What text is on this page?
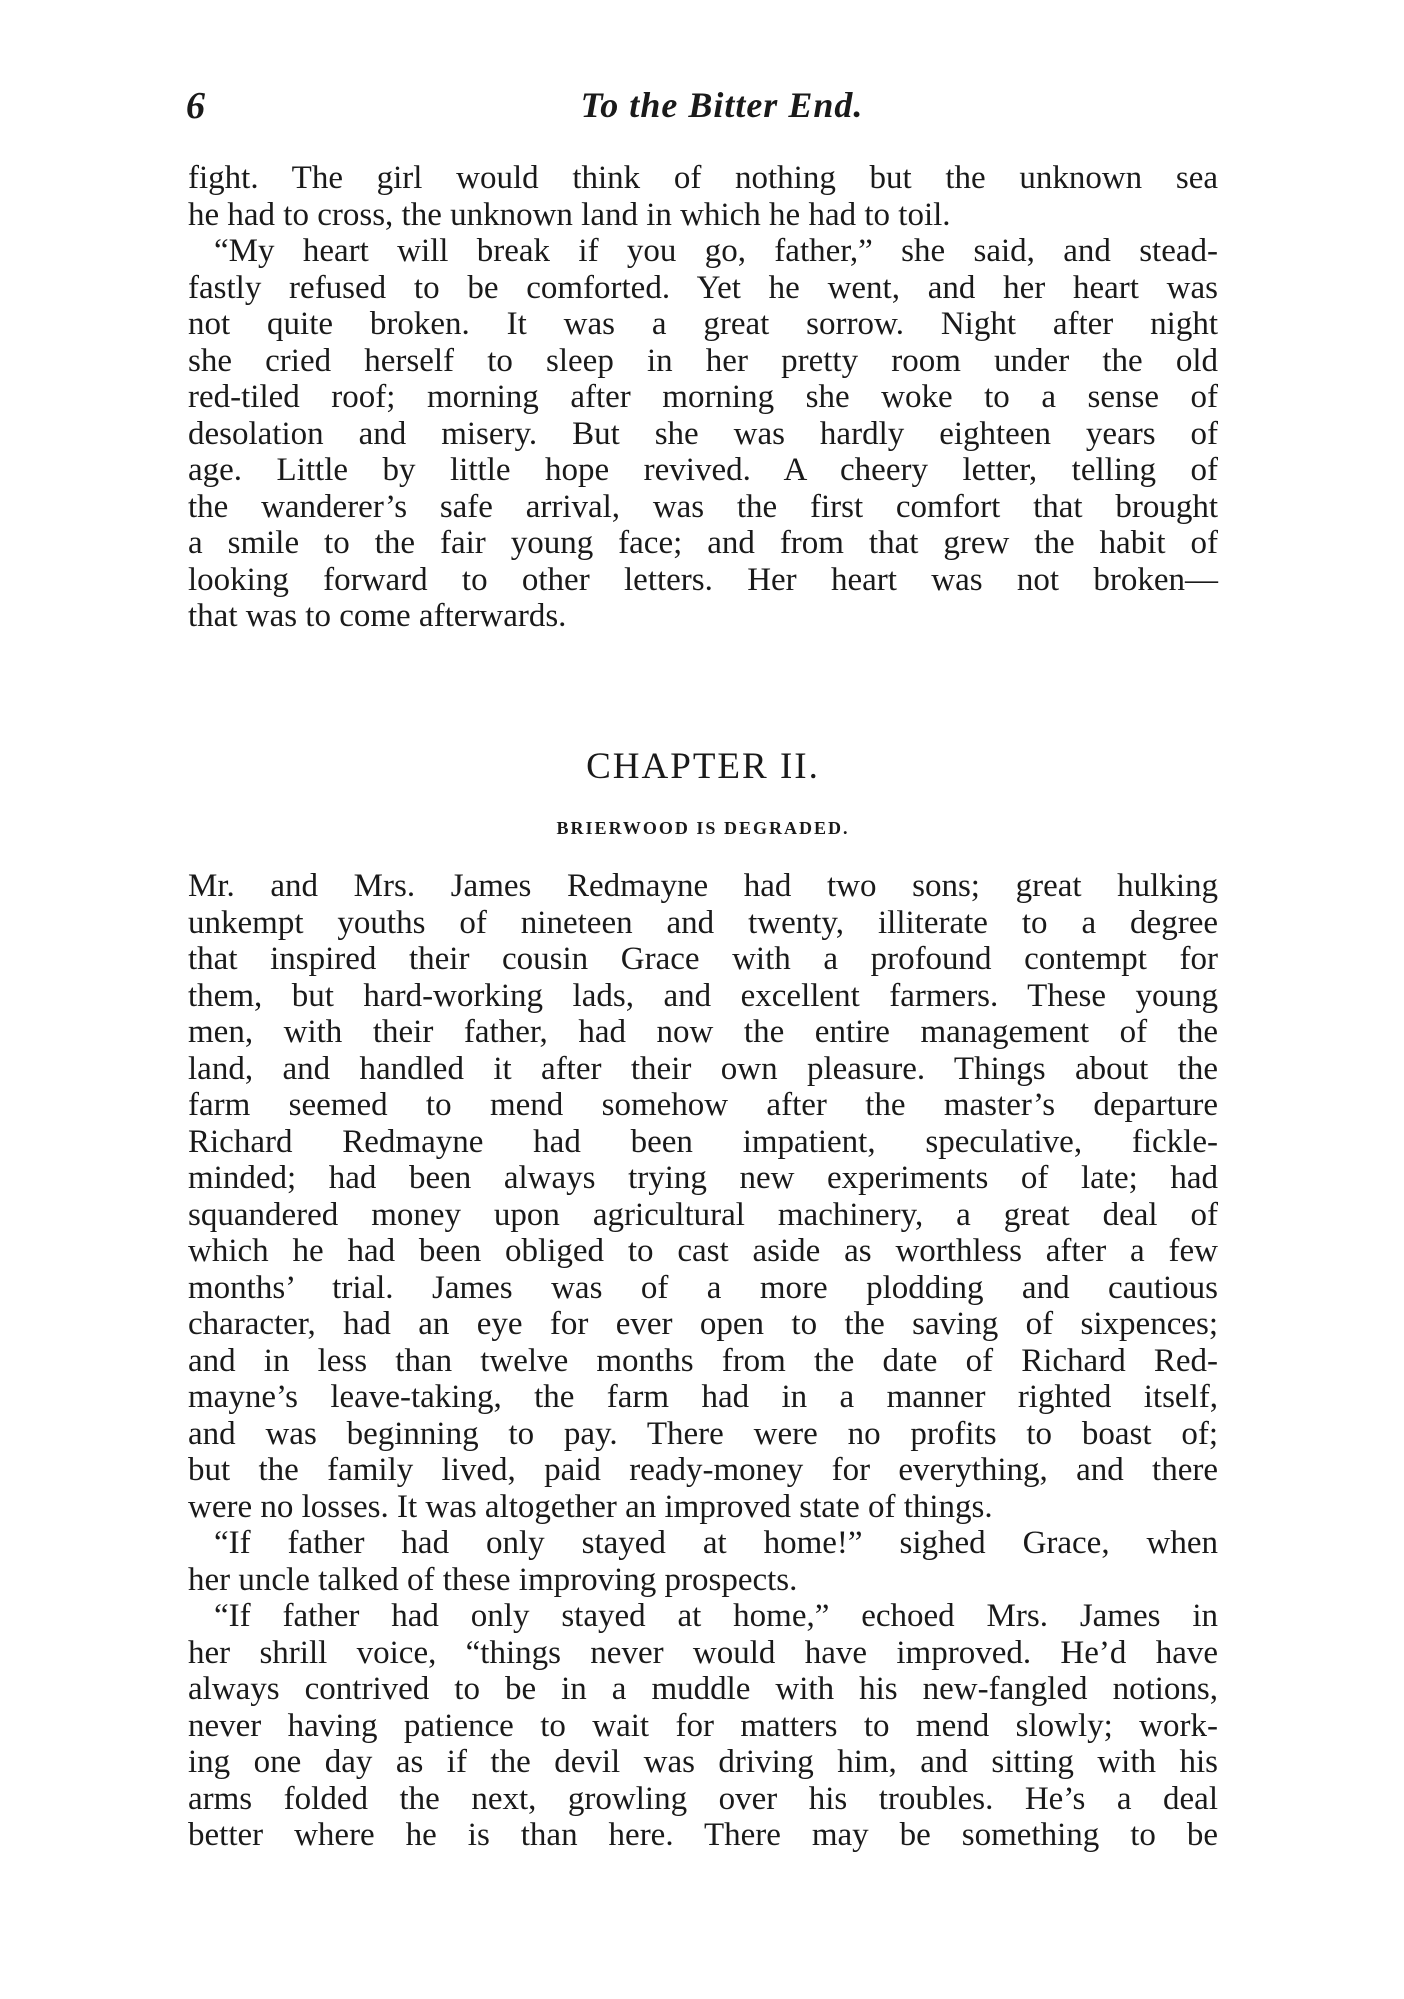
6	To the Bitter End.
fight. The girl would think of nothing but the unknown sea
he had to cross, the unknown land in which he had to toil.
“My heart will break if you go, father,” she said, and stead-
fastly refused to be comforted. Yet he went, and her heart was
not quite broken. It was a great sorrow. Night after night
she cried herself to sleep in her pretty room under the old
red-tiled roof; morning after morning she woke to a sense of
desolation and misery. But she was hardly eighteen years of
age. Little by little hope revived. A cheery letter, telling of
the wanderer’s safe arrival, was the first comfort that brought
a smile to the fair young face; and from that grew the habit of
looking forward to other letters. Her heart was not broken—
that was to come afterwards.
CHAPTER II.
BRIERWOOD IS DEGRADED.
Mr. and Mrs. James Redmayne had two sons; great hulking
unkempt youths of nineteen and twenty, illiterate to a degree
that inspired their cousin Grace with a profound contempt for
them, but hard-working lads, and excellent farmers. These young
men, with their father, had now the entire management of the
land, and handled it after their own pleasure. Things about the
farm seemed to mend somehow after the master’s departure
Richard Redmayne had been impatient, speculative, fickle-
minded; had been always trying new experiments of late; had
squandered money upon agricultural machinery, a great deal of
which he had been obliged to cast aside as worthless after a few
months’ trial. James was of a more plodding and cautious
character, had an eye for ever open to the saving of sixpences;
and in less than twelve months from the date of Richard Red-
mayne’s leave-taking, the farm had in a manner righted itself,
and was beginning to pay. There were no profits to boast of;
but the family lived, paid ready-money for everything, and there
were no losses. It was altogether an improved state of things.
“If father had only stayed at home!” sighed Grace, when
her uncle talked of these improving prospects.
“If father had only stayed at home,” echoed Mrs. James in
her shrill voice, “things never would have improved. He’d have
always contrived to be in a muddle with his new-fangled notions,
never having patience to wait for matters to mend slowly; work-
ing one day as if the devil was driving him, and sitting with his
arms folded the next, growling over his troubles. He’s a deal
better where he is than here. There may be something to be
